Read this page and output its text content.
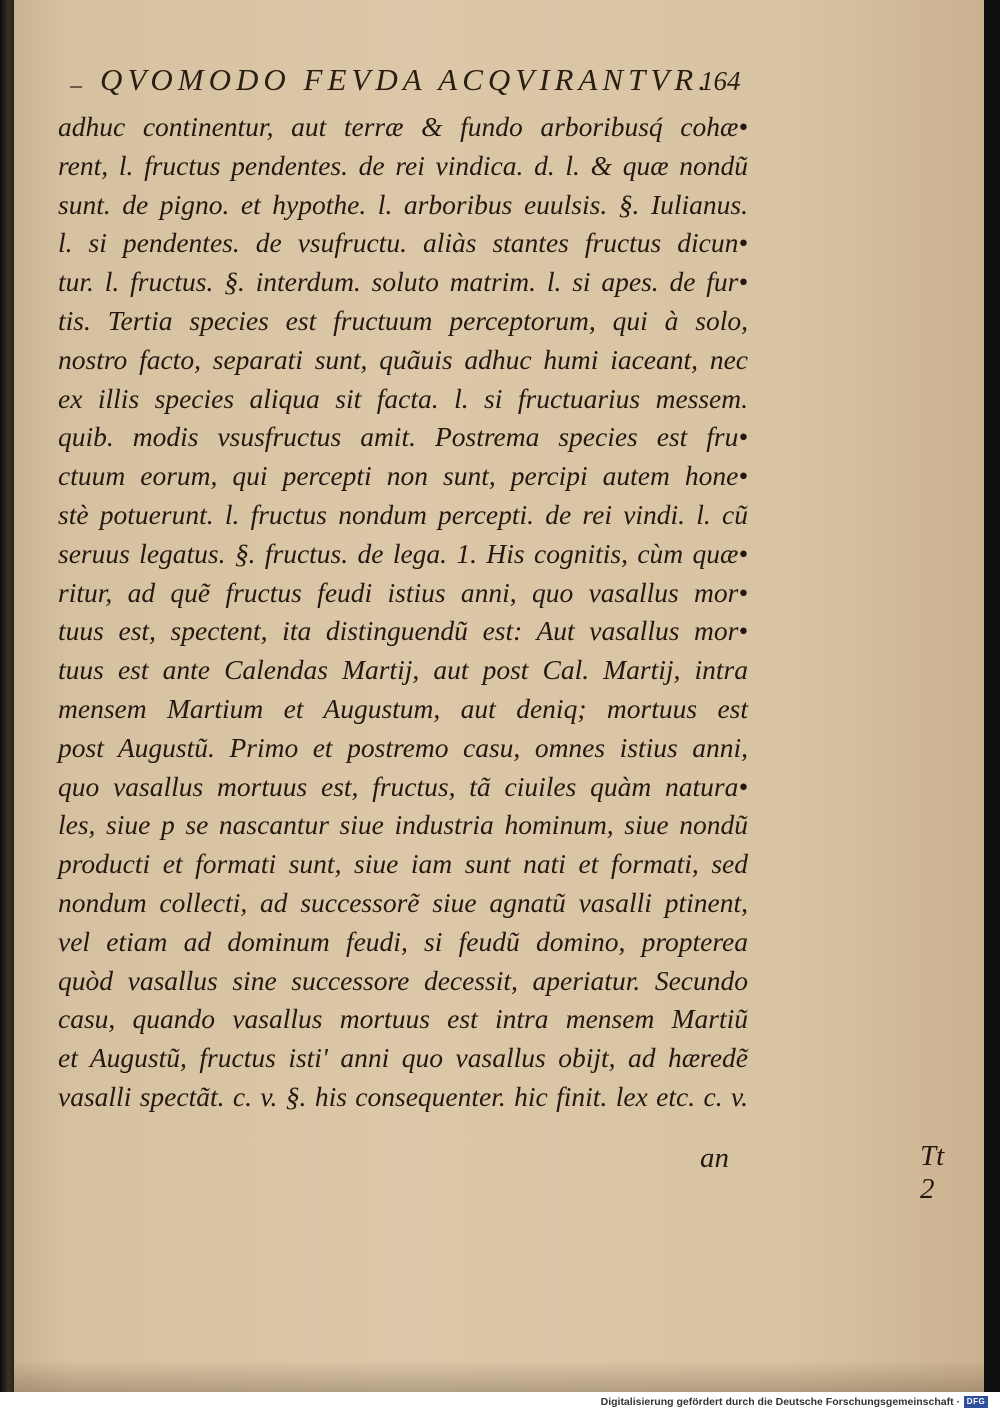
QVOMODO FEVDA ACQVIRANTVR.
164
adhuc continentur, aut terræ & fundo arboribusq́ cohæ•
rent, l. fructus pendentes. de rei vindica. d. l. & quæ nondũ
sunt. de pigno. et hypothe. l. arboribus euulsis. §. Iulianus.
l. si pendentes. de vsufructu. aliàs stantes fructus dicun•
tur. l. fructus. §. interdum. soluto matrim. l. si apes. de fur•
tis. Tertia species est fructuum perceptorum, qui à solo,
nostro facto, separati sunt, quãuis adhuc humi iaceant, nec
ex illis species aliqua sit facta. l. si fructuarius messem.
quib. modis vsusfructus amit. Postrema species est fru•
ctuum eorum, qui percepti non sunt, percipi autem hone•
stè potuerunt. l. fructus nondum percepti. de rei vindi. l. cũ
seruus legatus. §. fructus. de lega. 1. His cognitis, cùm quæ•
ritur, ad quẽ fructus feudi istius anni, quo vasallus mor•
tuus est, spectent, ita distinguendũ est: Aut vasallus mor•
tuus est ante Calendas Martij, aut post Cal. Martij, intra
mensem Martium et Augustum, aut deniq; mortuus est
post Augustũ. Primo et postremo casu, omnes istius anni,
quo vasallus mortuus est, fructus, tã ciuiles quàm natura•
les, siue p se nascantur siue industria hominum, siue nondũ
producti et formati sunt, siue iam sunt nati et formati, sed
nondum collecti, ad successorẽ siue agnatũ vasalli ptinent,
vel etiam ad dominum feudi, si feudũ domino, propterea
quòd vasallus sine successore decessit, aperiatur. Secundo
casu, quando vasallus mortuus est intra mensem Martiũ
et Augustũ, fructus isti' anni quo vasallus obijt, ad hæredẽ
vasalli spectãt. c. v. §. his consequenter. hic finit. lex etc. c. v.
Tt 2
an
Digitalisierung gefördert durch die Deutsche Forschungsgemeinschaft · DFG
